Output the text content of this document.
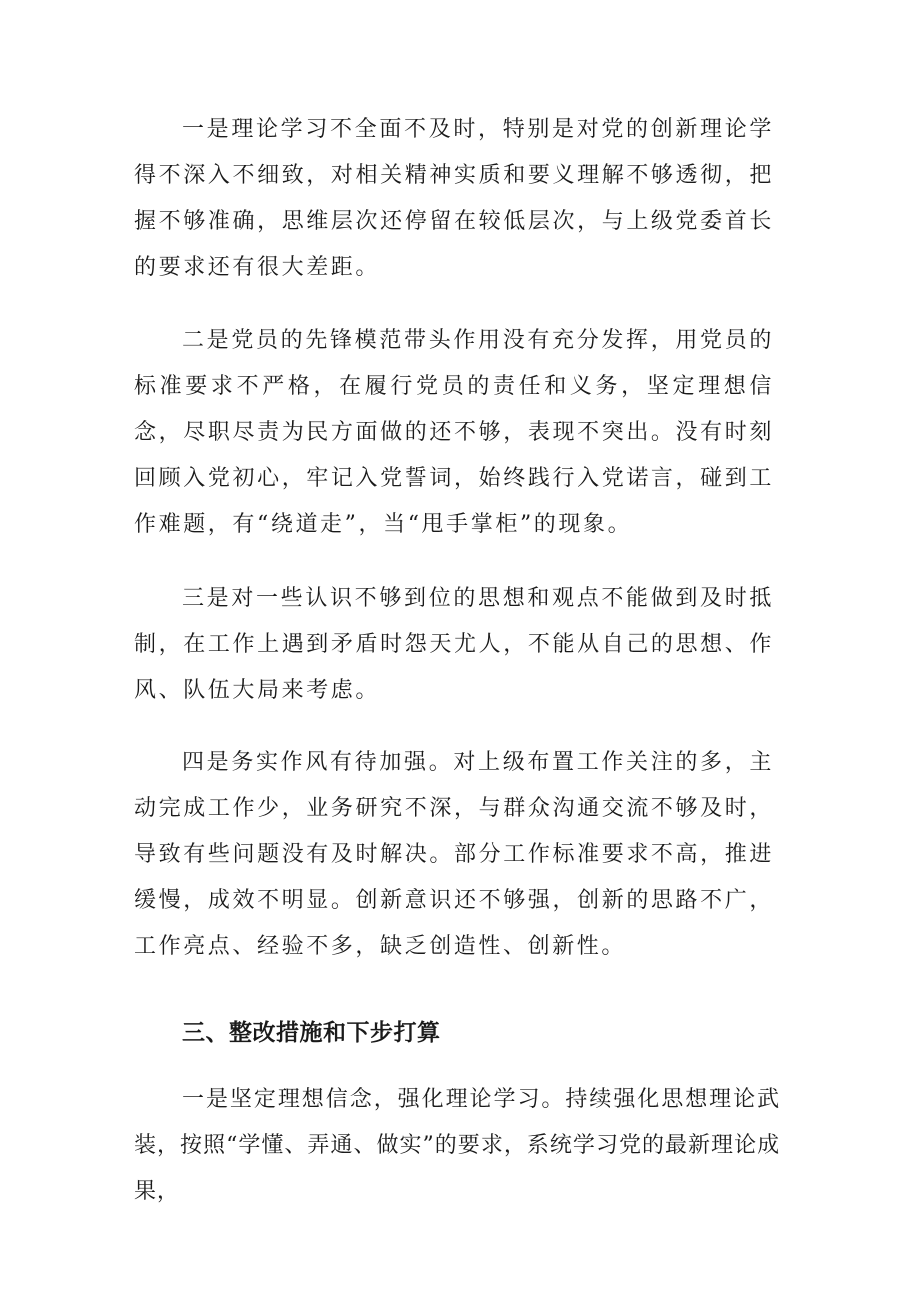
一是理论学习不全面不及时，特别是对党的创新理论学得不深入不细致，对相关精神实质和要义理解不够透彻，把握不够准确，思维层次还停留在较低层次，与上级党委首长的要求还有很大差距。

二是党员的先锋模范带头作用没有充分发挥，用党员的标准要求不严格，在履行党员的责任和义务，坚定理想信念，尽职尽责为民方面做的还不够，表现不突出。没有时刻回顾入党初心，牢记入党誓词，始终践行入党诺言，碰到工作难题，有“绕道走”，当“甩手掌柜”的现象。

三是对一些认识不够到位的思想和观点不能做到及时抵制，在工作上遇到矛盾时怨天尤人，不能从自己的思想、作风、队伍大局来考虑。

四是务实作风有待加强。对上级布置工作关注的多，主动完成工作少，业务研究不深，与群众沟通交流不够及时，导致有些问题没有及时解决。部分工作标准要求不高，推进缓慢，成效不明显。创新意识还不够强，创新的思路不广，工作亮点、经验不多，缺乏创造性、创新性。

三、整改措施和下步打算

一是坚定理想信念，强化理论学习。持续强化思想理论武装，按照“学懂、弄通、做实”的要求，系统学习党的最新理论成果，
